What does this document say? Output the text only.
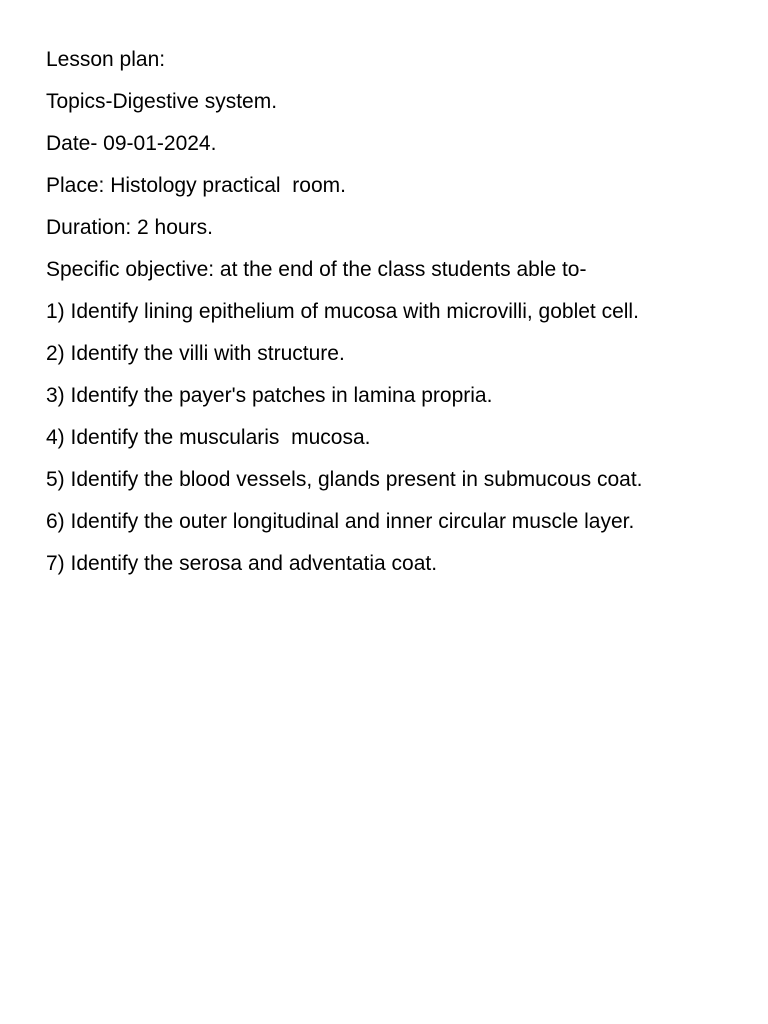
Lesson plan:

Topics-Digestive system.

Date- 09-01-2024.

Place: Histology practical  room.

Duration: 2 hours.

Specific objective: at the end of the class students able to-

1) Identify lining epithelium of mucosa with microvilli, goblet cell.

2) Identify the villi with structure.

3) Identify the payer's patches in lamina propria.

4) Identify the muscularis  mucosa.

5) Identify the blood vessels, glands present in submucous coat.

6) Identify the outer longitudinal and inner circular muscle layer.

7) Identify the serosa and adventatia coat.
